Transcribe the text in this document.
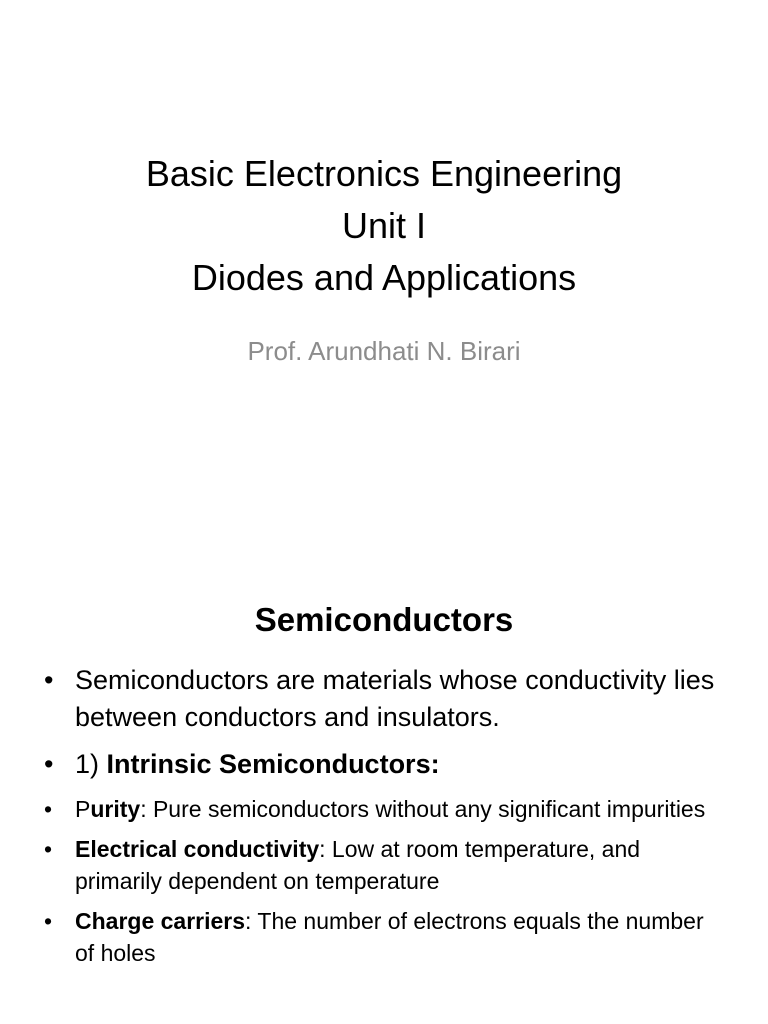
Basic Electronics Engineering
Unit I
Diodes and Applications
Prof. Arundhati N. Birari
Semiconductors
• Semiconductors are materials whose conductivity lies between conductors and insulators.
• 1) Intrinsic Semiconductors:
• Purity: Pure semiconductors without any significant impurities
• Electrical conductivity: Low at room temperature, and primarily dependent on temperature
• Charge carriers: The number of electrons equals the number of holes
